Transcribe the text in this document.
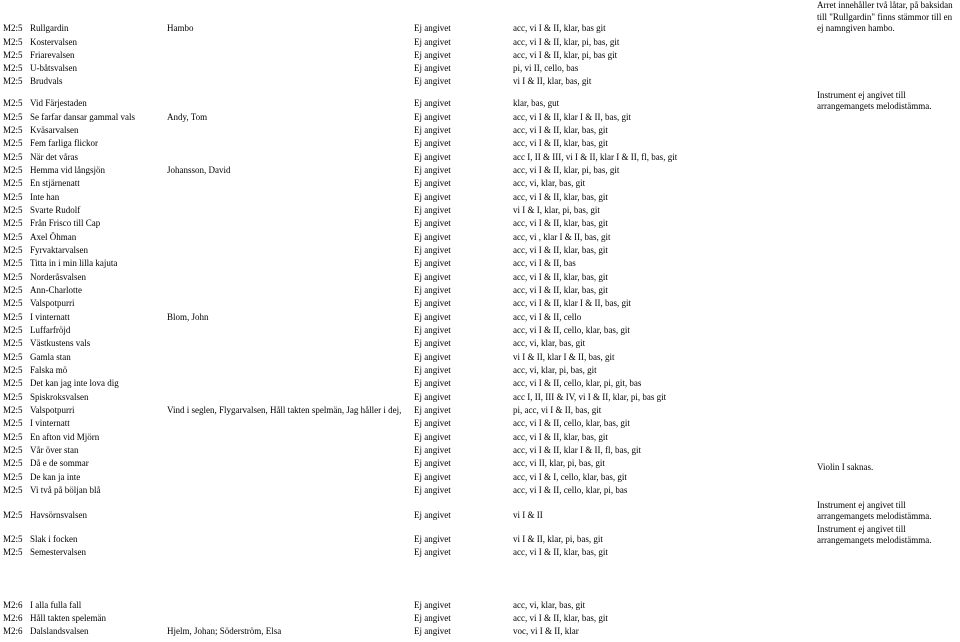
Arret innehåller två låtar, på baksidan till "Rullgardin" finns stämmor till en ej namngiven hambo.
Instrument ej angivet till arrangemangets melodistämma.
Violin I saknas.
Instrument ej angivet till arrangemangets melodistämma.
Instrument ej angivet till arrangemangets melodistämma.
M2:5 Rullgardin	Hambo	Ej angivet	acc, vi I & II, klar, bas git
M2:5 Kostervalsen	Ej angivet	acc, vi I & II, klar, pi, bas, git
M2:5 Friarevalsen	Ej angivet	acc, vi I & II, klar, pi, bas git
M2:5 U-båtsvalsen	Ej angivet	pi, vi II, cello, bas
M2:5 Brudvals	Ej angivet	vi I & II, klar, bas, git
M2:5 Vid Färjestaden	Ej angivet	klar, bas, gut
M2:5 Se farfar dansar gammal vals	Andy, Tom	Ej angivet	acc, vi I & II, klar I & II, bas, git
M2:5 Kväsarvalsen	Ej angivet	acc, vi I & II, klar, bas, git
M2:5 Fem farliga flickor	Ej angivet	acc, vi I & II, klar, bas, git
M2:5 När det våras	Ej angivet	acc I, II & III, vi I & II, klar I & II, fl, bas, git
M2:5 Hemma vid långsjön	Johansson, David	Ej angivet	acc, vi I & II, klar, pi, bas, git
M2:5 En stjärnenatt	Ej angivet	acc, vi, klar, bas, git
M2:5 Inte han	Ej angivet	acc, vi I & II, klar, bas, git
M2:5 Svarte Rudolf	Ej angivet	vi I & I, klar, pi, bas, git
M2:5 Från Frisco till Cap	Ej angivet	acc, vi I & II, klar, bas, git
M2:5 Axel Öhman	Ej angivet	acc, vi , klar I & II, bas, git
M2:5 Fyrvaktarvalsen	Ej angivet	acc, vi I & II, klar, bas, git
M2:5 Titta in i min lilla kajuta	Ej angivet	acc, vi I & II, bas
M2:5 Norderåsvalsen	Ej angivet	acc, vi I & II, klar, bas, git
M2:5 Ann-Charlotte	Ej angivet	acc, vi I & II, klar, bas, git
M2:5 Valspotpurri	Ej angivet	acc, vi I & II, klar I & II, bas, git
M2:5 I vinternatt	Blom, John	Ej angivet	acc, vi I & II, cello
M2:5 Luffarfröjd	Ej angivet	acc, vi I & II, cello, klar, bas, git
M2:5 Västkustens vals	Ej angivet	acc, vi, klar, bas, git
M2:5 Gamla stan	Ej angivet	vi I & II, klar I & II, bas, git
M2:5 Falska mö	Ej angivet	acc, vi, klar, pi, bas, git
M2:5 Det kan jag inte lova dig	Ej angivet	acc, vi I & II, cello, klar, pi, git, bas
M2:5 Spiskroksvalsen	Ej angivet	acc I, II, III & IV, vi I & II, klar, pi, bas git
M2:5 Valspotpurri	Vind i seglen, Flygarvalsen, Håll takten spelmän, Jag håller i dej, Ej angivet	pi, acc, vi I & II, bas, git
M2:5 I vinternatt	Ej angivet	acc, vi I & II, cello, klar, bas, git
M2:5 En afton vid Mjörn	Ej angivet	acc, vi I & II, klar, bas, git
M2:5 Vår över stan	Ej angivet	acc, vi I & II, klar I & II, fl, bas, git
M2:5 Då e de sommar	Ej angivet	acc, vi II, klar, pi, bas, git
M2:5 De kan ja inte	Ej angivet	acc, vi I & I, cello, klar, bas, git
M2:5 Vi två på böljan blå	Ej angivet	acc, vi I & II, cello, klar, pi, bas
M2:5 Havsörnsvalsen	Ej angivet	vi I & II
M2:5 Slak i focken	Ej angivet	vi I & II, klar, pi, bas, git
M2:5 Semestervalsen	Ej angivet	acc, vi I & II, klar, bas, git
M2:6 I alla fulla fall	Ej angivet	acc, vi, klar, bas, git
M2:6 Håll takten spelemän	Ej angivet	acc, vi I & II, klar, bas, git
M2:6 Dalslandsvalsen	Hjelm, Johan; Söderström, Elsa	Ej angivet	voc, vi I & II, klar
